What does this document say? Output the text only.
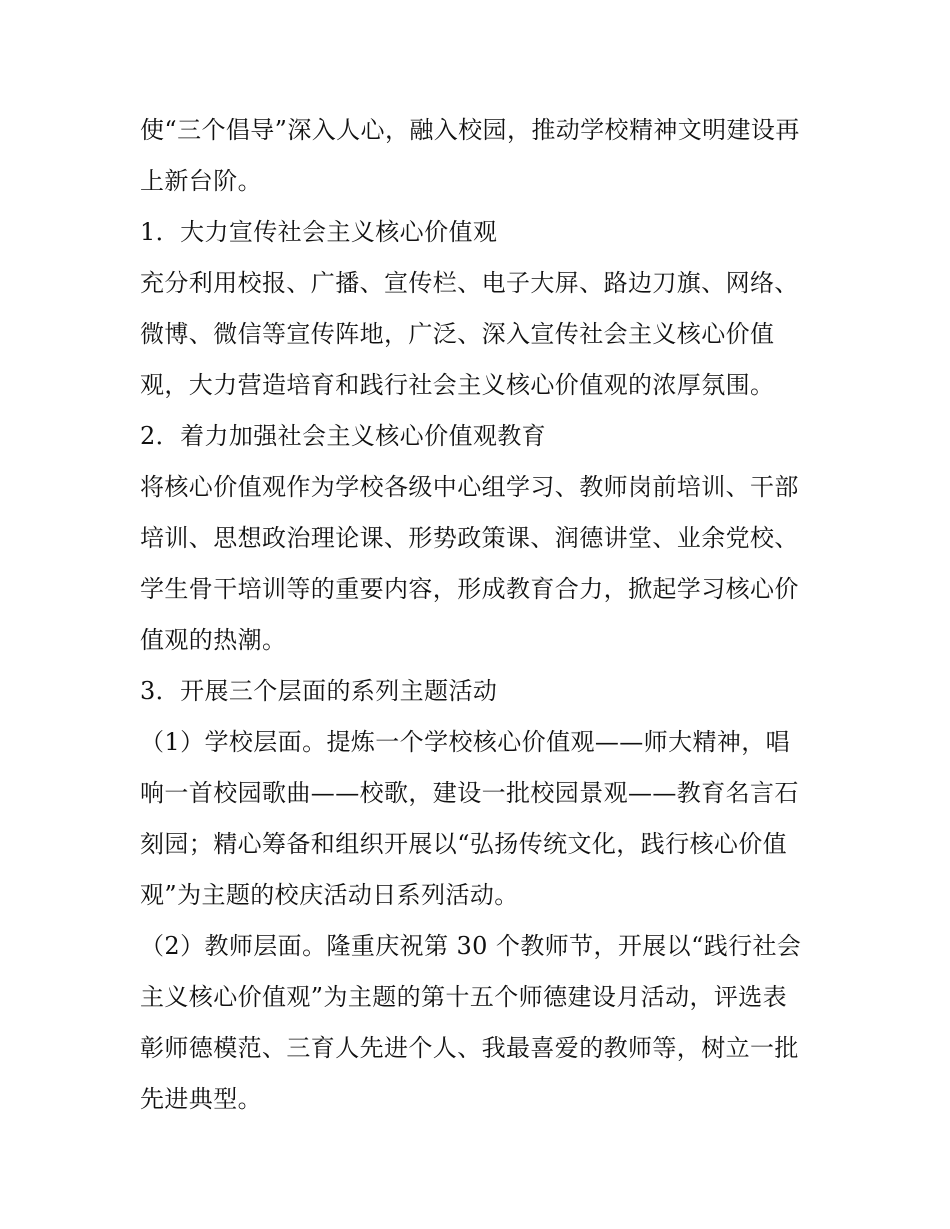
使“三个倡导”深入人心，融入校园，推动学校精神文明建设再
上新台阶。
1．大力宣传社会主义核心价值观
充分利用校报、广播、宣传栏、电子大屏、路边刀旗、网络、
微博、微信等宣传阵地，广泛、深入宣传社会主义核心价值
观，大力营造培育和践行社会主义核心价值观的浓厚氛围。
2．着力加强社会主义核心价值观教育
将核心价值观作为学校各级中心组学习、教师岗前培训、干部
培训、思想政治理论课、形势政策课、润德讲堂、业余党校、
学生骨干培训等的重要内容，形成教育合力，掀起学习核心价
值观的热潮。
3．开展三个层面的系列主题活动
（1）学校层面。提炼一个学校核心价值观——师大精神，唱
响一首校园歌曲——校歌，建设一批校园景观——教育名言石
刻园；精心筹备和组织开展以“弘扬传统文化，践行核心价值
观”为主题的校庆活动日系列活动。
（2）教师层面。隆重庆祝第 30 个教师节，开展以“践行社会
主义核心价值观”为主题的第十五个师德建设月活动，评选表
彰师德模范、三育人先进个人、我最喜爱的教师等，树立一批
先进典型。
